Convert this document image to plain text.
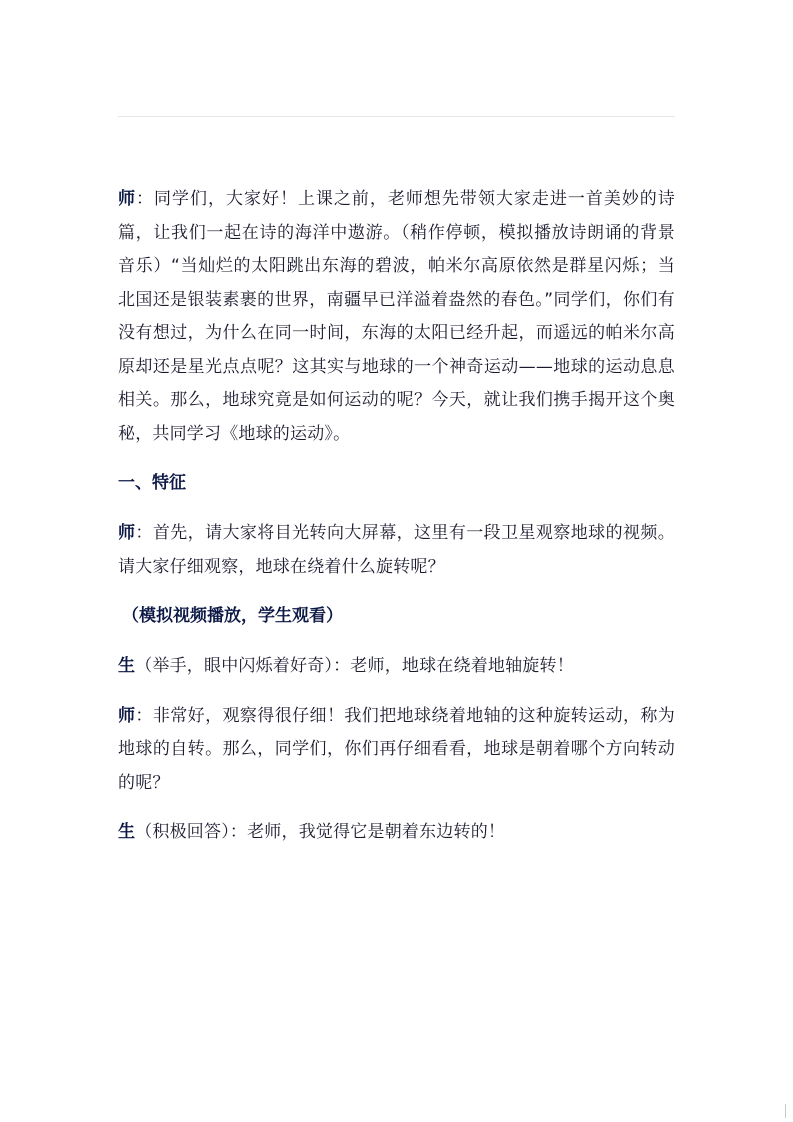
师：同学们，大家好！上课之前，老师想先带领大家走进一首美妙的诗篇，让我们一起在诗的海洋中遨游。（稍作停顿，模拟播放诗朗诵的背景音乐）“当灿烂的太阳跳出东海的碧波，帕米尔高原依然是群星闪烁；当北国还是银装素裹的世界，南疆早已洋溢着盎然的春色。”同学们，你们有没有想过，为什么在同一时间，东海的太阳已经升起，而遥远的帕米尔高原却还是星光点点呢？这其实与地球的一个神奇运动——地球的运动息息相关。那么，地球究竟是如何运动的呢？今天，就让我们携手揭开这个奥秘，共同学习《地球的运动》。

一、特征

师：首先，请大家将目光转向大屏幕，这里有一段卫星观察地球的视频。请大家仔细观察，地球在绕着什么旋转呢？

（模拟视频播放，学生观看）

生（举手，眼中闪烁着好奇）：老师，地球在绕着地轴旋转！

师：非常好，观察得很仔细！我们把地球绕着地轴的这种旋转运动，称为地球的自转。那么，同学们，你们再仔细看看，地球是朝着哪个方向转动的呢？

生（积极回答）：老师，我觉得它是朝着东边转的！
